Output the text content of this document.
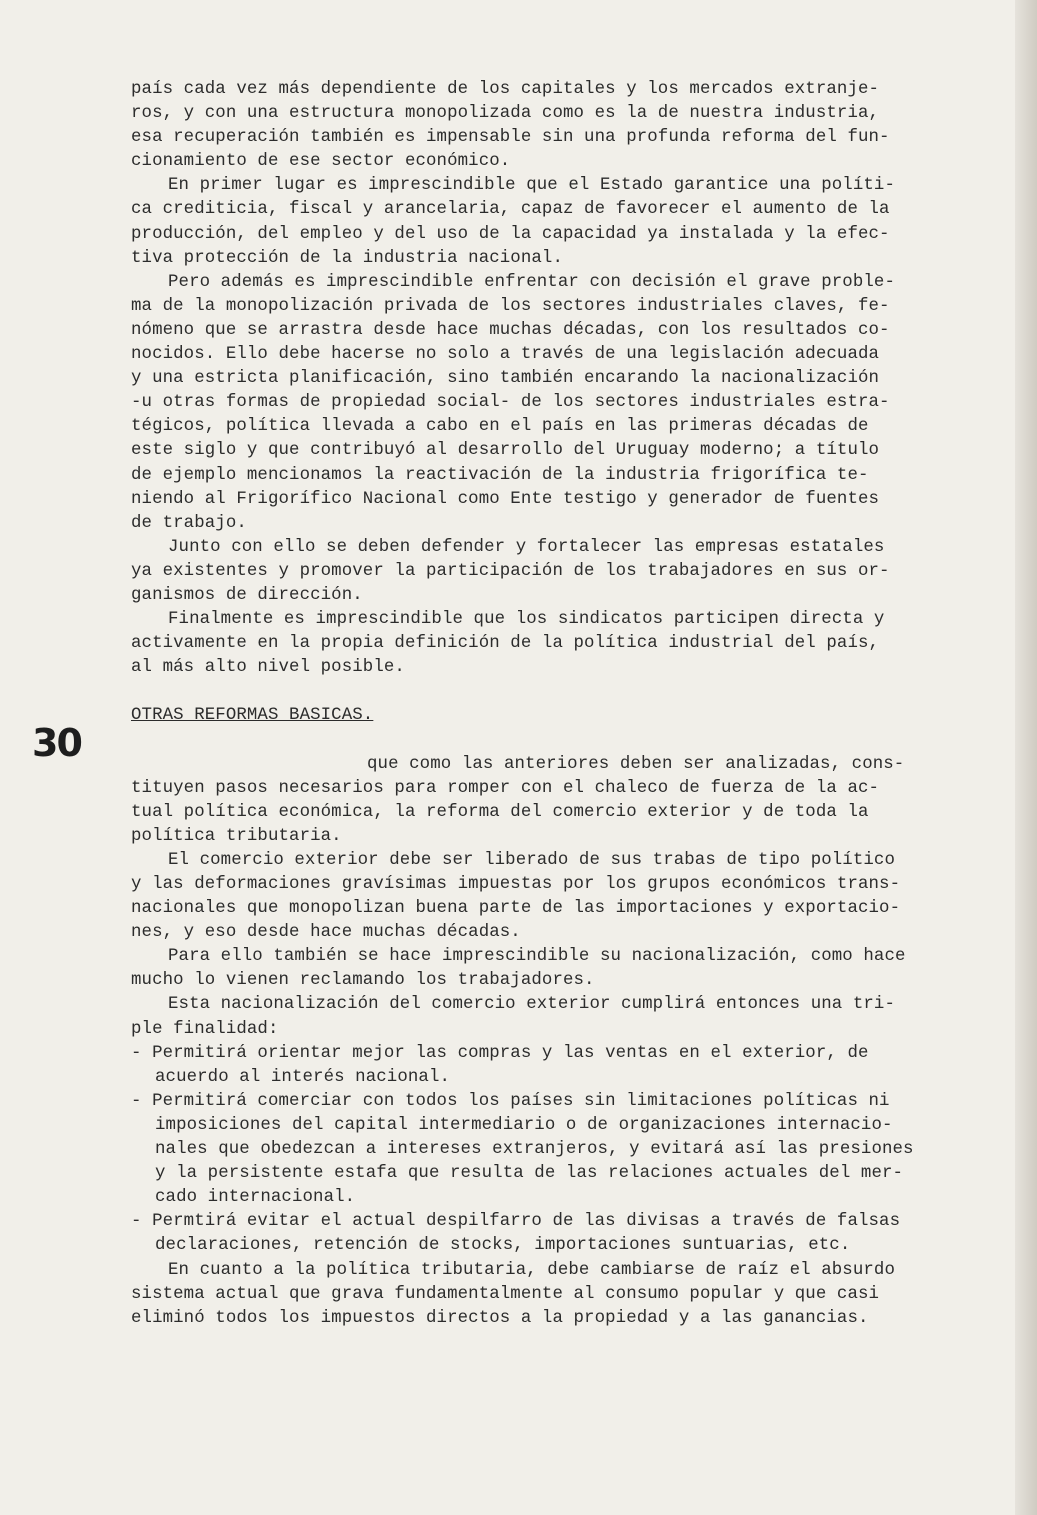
30
país cada vez más dependiente de los capitales y los mercados extranje-
ros, y con una estructura monopolizada como es la de nuestra industria,
esa recuperación también es impensable sin una profunda reforma del fun-
cionamiento de ese sector económico.
En primer lugar es imprescindible que el Estado garantice una políti-
ca crediticia, fiscal y arancelaria, capaz de favorecer el aumento de la
producción, del empleo y del uso de la capacidad ya instalada y la efec-
tiva protección de la industria nacional.
Pero además es imprescindible enfrentar con decisión el grave proble-
ma de la monopolización privada de los sectores industriales claves, fe-
nómeno que se arrastra desde hace muchas décadas, con los resultados co-
nocidos. Ello debe hacerse no solo a través de una legislación adecuada
y una estricta planificación, sino también encarando la nacionalización
-u otras formas de propiedad social- de los sectores industriales estra-
tégicos, política llevada a cabo en el país en las primeras décadas de
este siglo y que contribuyó al desarrollo del Uruguay moderno; a título
de ejemplo mencionamos la reactivación de la industria frigorífica te-
niendo al Frigorífico Nacional como Ente testigo y generador de fuentes
de trabajo.
Junto con ello se deben defender y fortalecer las empresas estatales
ya existentes y promover la participación de los trabajadores en sus or-
ganismos de dirección.
Finalmente es imprescindible que los sindicatos participen directa y
activamente en la propia definición de la política industrial del país,
al más alto nivel posible.
OTRAS REFORMAS BASICAS.
que como las anteriores deben ser analizadas, cons-
tituyen pasos necesarios para romper con el chaleco de fuerza de la ac-
tual política económica, la reforma del comercio exterior y de toda la
política tributaria.
El comercio exterior debe ser liberado de sus trabas de tipo político
y las deformaciones gravísimas impuestas por los grupos económicos trans-
nacionales que monopolizan buena parte de las importaciones y exportacio-
nes, y eso desde hace muchas décadas.
Para ello también se hace imprescindible su nacionalización, como hace
mucho lo vienen reclamando los trabajadores.
Esta nacionalización del comercio exterior cumplirá entonces una tri-
ple finalidad:
- Permitirá orientar mejor las compras y las ventas en el exterior, de
acuerdo al interés nacional.
- Permitirá comerciar con todos los países sin limitaciones políticas ni
imposiciones del capital intermediario o de organizaciones internacio-
nales que obedezcan a intereses extranjeros, y evitará así las presiones
y la persistente estafa que resulta de las relaciones actuales del mer-
cado internacional.
- Permtirá evitar el actual despilfarro de las divisas a través de falsas
declaraciones, retención de stocks, importaciones suntuarias, etc.
En cuanto a la política tributaria, debe cambiarse de raíz el absurdo
sistema actual que grava fundamentalmente al consumo popular y que casi
eliminó todos los impuestos directos a la propiedad y a las ganancias.
